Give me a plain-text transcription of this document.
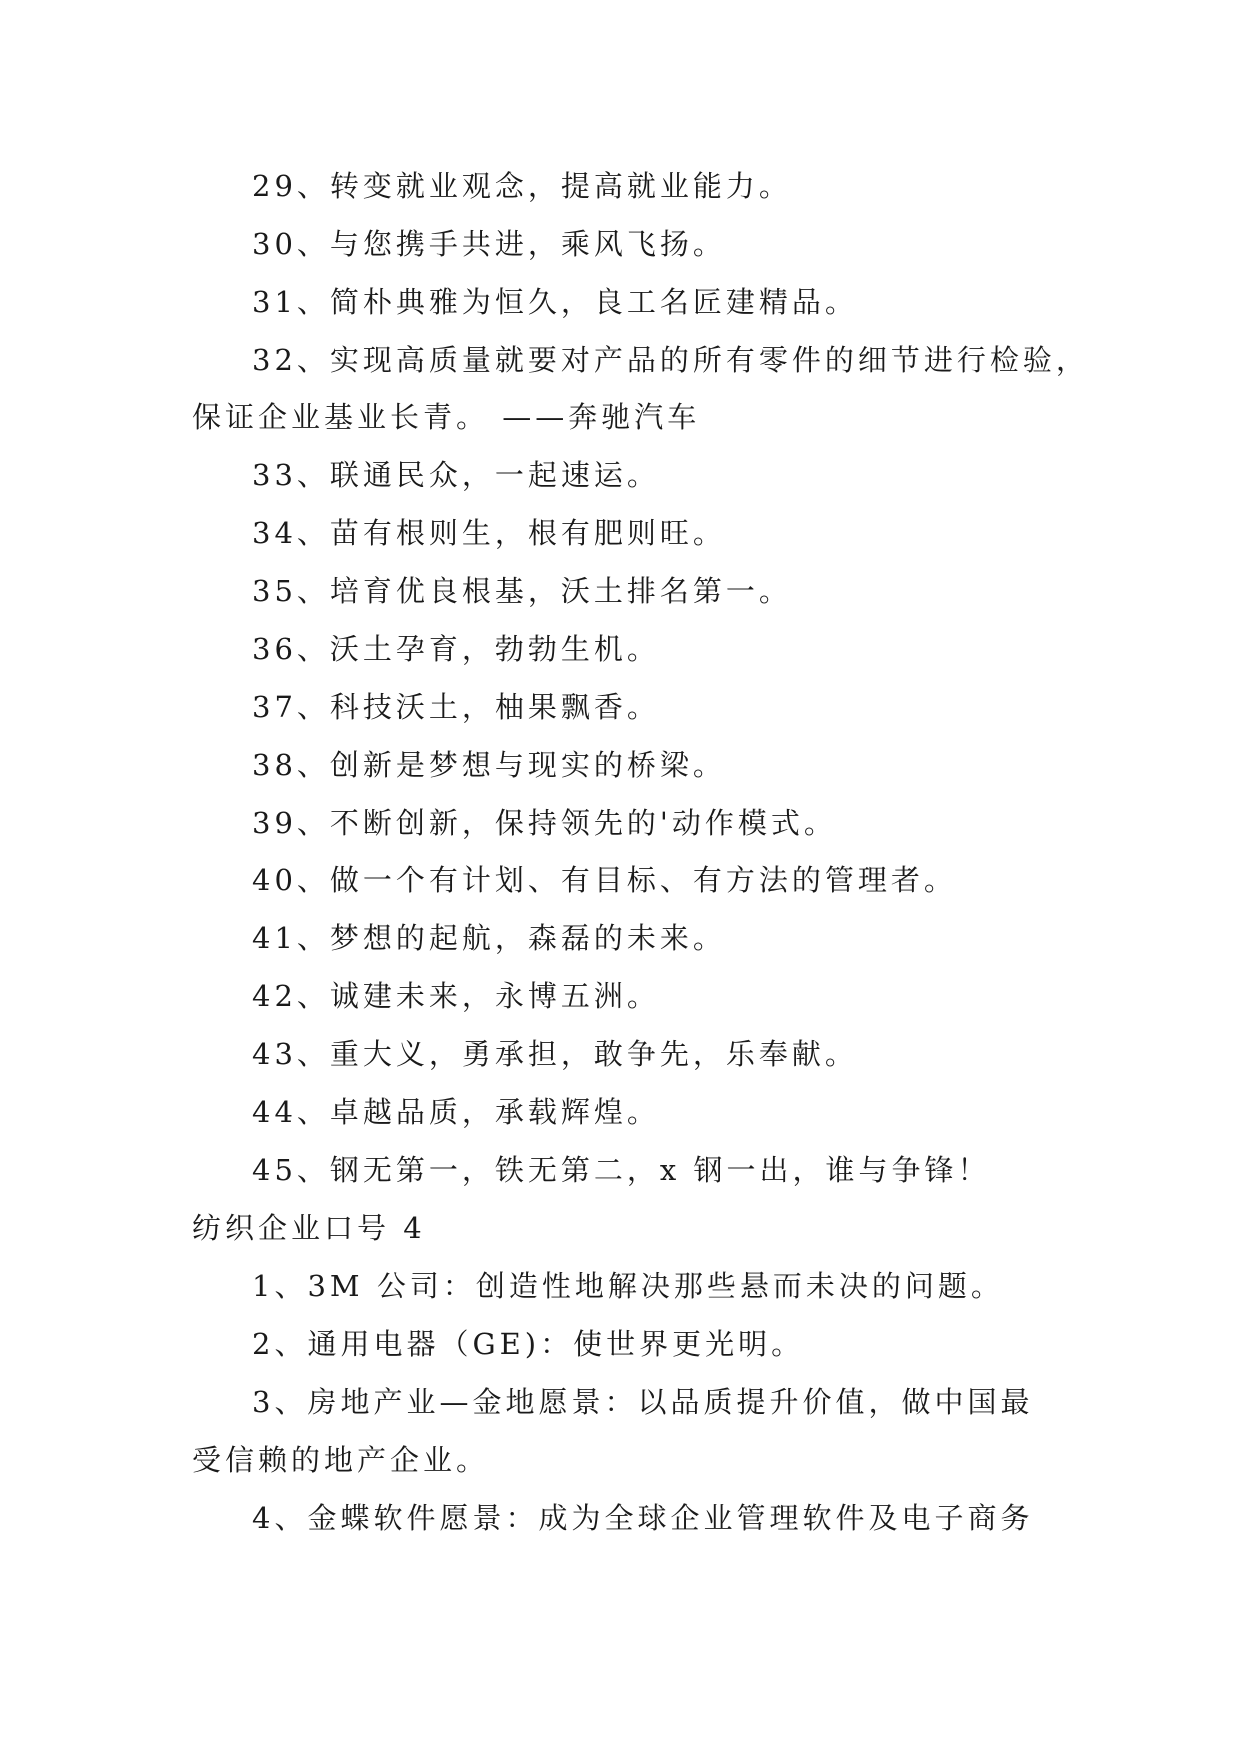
29、转变就业观念，提高就业能力。
30、与您携手共进，乘风飞扬。
31、简朴典雅为恒久，良工名匠建精品。
32、实现高质量就要对产品的所有零件的细节进行检验，
保证企业基业长青。 ——奔驰汽车
33、联通民众，一起速运。
34、苗有根则生，根有肥则旺。
35、培育优良根基，沃土排名第一。
36、沃土孕育，勃勃生机。
37、科技沃土，柚果飘香。
38、创新是梦想与现实的桥梁。
39、不断创新，保持领先的'动作模式。
40、做一个有计划、有目标、有方法的管理者。
41、梦想的起航，森磊的未来。
42、诚建未来，永博五洲。
43、重大义，勇承担，敢争先，乐奉献。
44、卓越品质，承载辉煌。
45、钢无第一，铁无第二，x 钢一出，谁与争锋！
纺织企业口号 4
1、3M 公司：创造性地解决那些悬而未决的问题。
2、通用电器（GE)：使世界更光明。
3、房地产业—金地愿景：以品质提升价值，做中国最
受信赖的地产企业。
4、金蝶软件愿景：成为全球企业管理软件及电子商务
